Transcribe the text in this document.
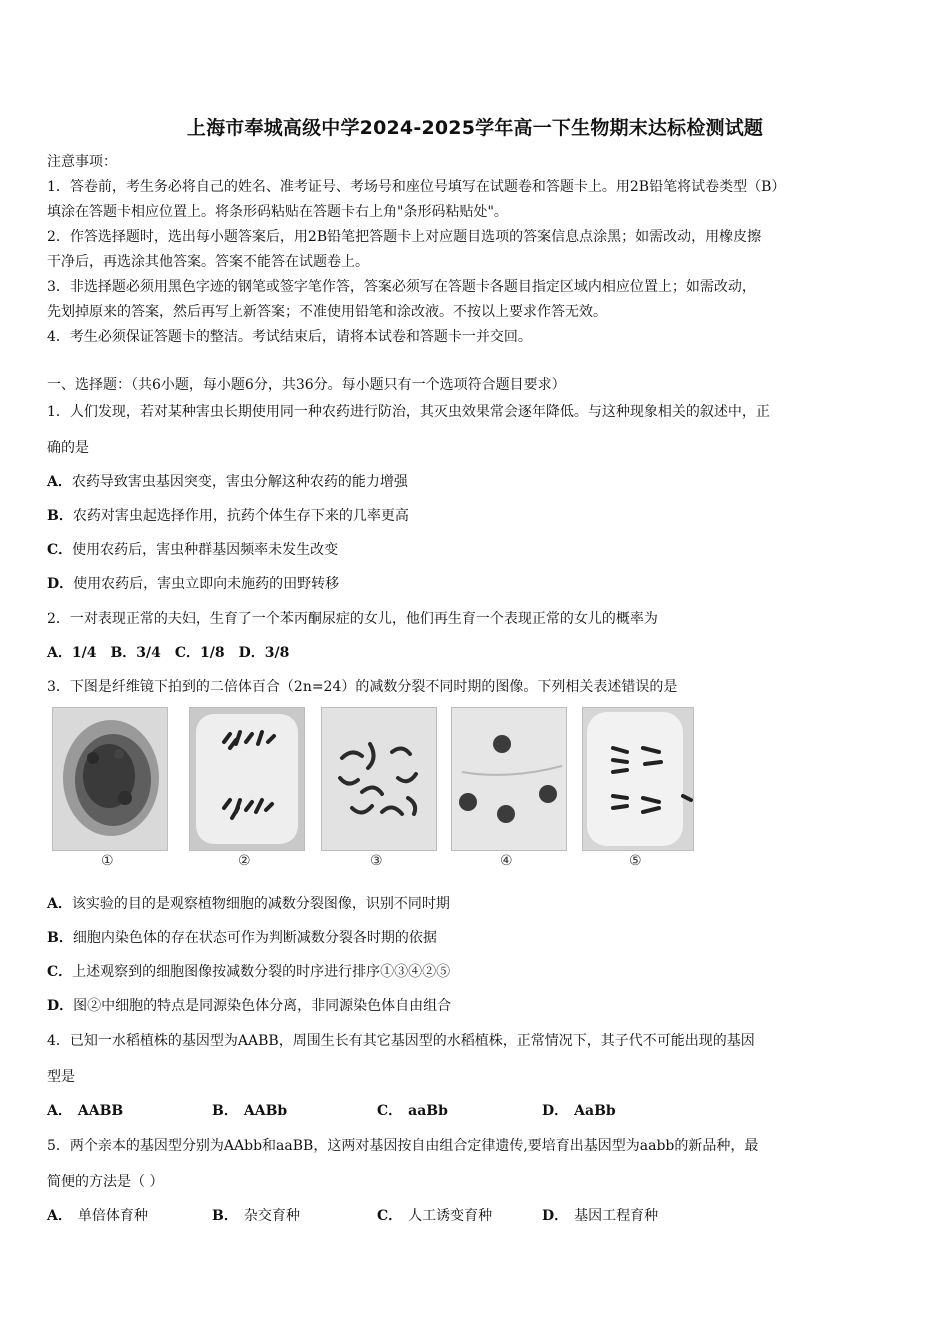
上海市奉城高级中学2024-2025学年高一下生物期末达标检测试题
注意事项：
1．答卷前，考生务必将自己的姓名、准考证号、考场号和座位号填写在试题卷和答题卡上。用2B铅笔将试卷类型（B）
填涂在答题卡相应位置上。将条形码粘贴在答题卡右上角"条形码粘贴处"。
2．作答选择题时，选出每小题答案后，用2B铅笔把答题卡上对应题目选项的答案信息点涂黑；如需改动，用橡皮擦
干净后，再选涂其他答案。答案不能答在试题卷上。
3．非选择题必须用黑色字迹的钢笔或签字笔作答，答案必须写在答题卡各题目指定区域内相应位置上；如需改动，
先划掉原来的答案，然后再写上新答案；不准使用铅笔和涂改液。不按以上要求作答无效。
4．考生必须保证答题卡的整洁。考试结束后，请将本试卷和答题卡一并交回。
一、选择题：（共6小题，每小题6分，共36分。每小题只有一个选项符合题目要求）
1．人们发现，若对某种害虫长期使用同一种农药进行防治，其灭虫效果常会逐年降低。与这种现象相关的叙述中，正
确的是
A．农药导致害虫基因突变，害虫分解这种农药的能力增强
B．农药对害虫起选择作用，抗药个体生存下来的几率更高
C．使用农药后，害虫种群基因频率未发生改变
D．使用农药后，害虫立即向未施药的田野转移
2．一对表现正常的夫妇，生育了一个苯丙酮尿症的女儿，他们再生育一个表现正常的女儿的概率为
A．1/4　B．3/4　C．1/8　D．3/8
3．下图是纤维镜下拍到的二倍体百合（2n=24）的减数分裂不同时期的图像。下列相关表述错误的是
①	②	③	④	⑤
A．该实验的目的是观察植物细胞的减数分裂图像，识别不同时期
B．细胞内染色体的存在状态可作为判断减数分裂各时期的依据
C．上述观察到的细胞图像按减数分裂的时序进行排序①③④②⑤
D．图②中细胞的特点是同源染色体分离，非同源染色体自由组合
4．已知一水稻植株的基因型为AABB，周围生长有其它基因型的水稻植株，正常情况下，其子代不可能出现的基因
型是
A． AABB	B． AABb	C． aaBb	D． AaBb
5．两个亲本的基因型分别为AAbb和aaBB，这两对基因按自由组合定律遗传,要培育出基因型为aabb的新品种，最
简便的方法是（ ）
A． 单倍体育种	B． 杂交育种	C． 人工诱变育种	D． 基因工程育种
